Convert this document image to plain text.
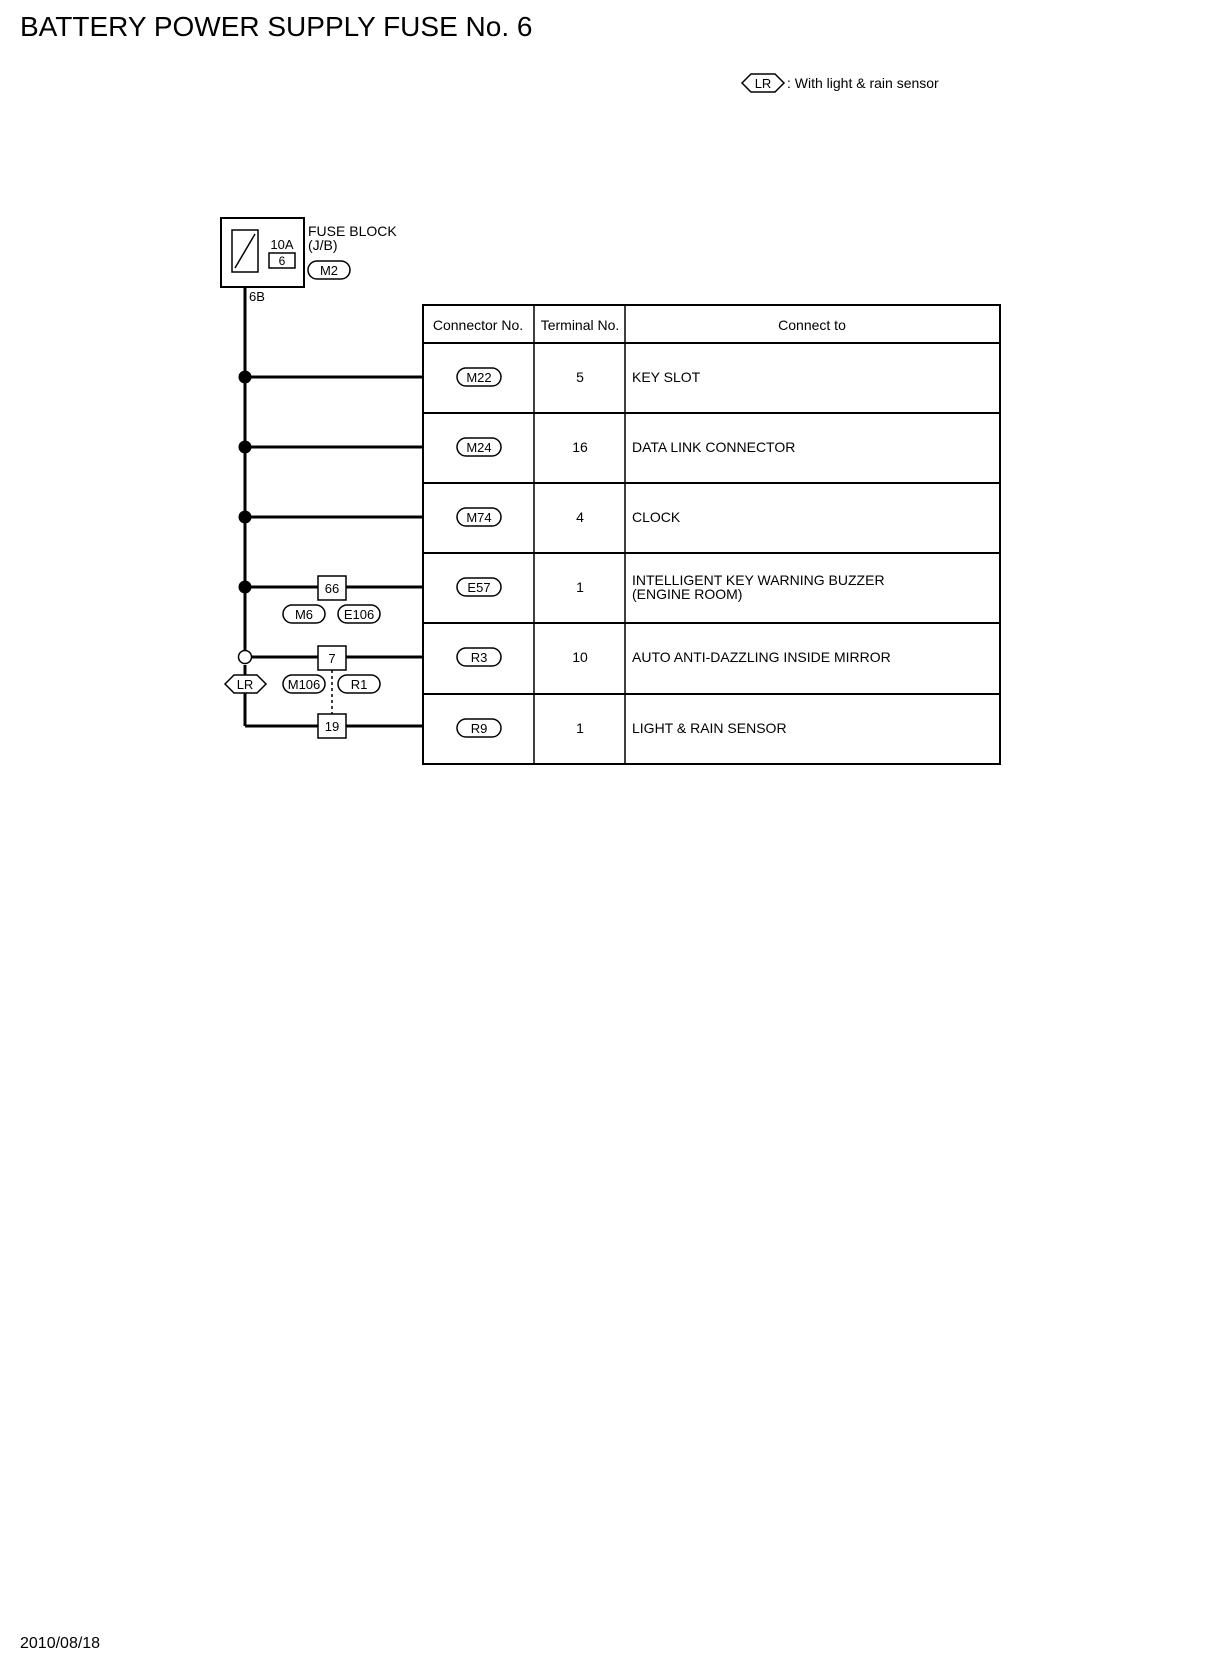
BATTERY POWER SUPPLY FUSE No. 6
LR : With light & rain sensor
10A
6
FUSE BLOCK
(J/B)
M2
6B
66
M6 E106
7
M106 R1
19
LR
Connector No. Terminal No.	Connect to
M22	5	KEY SLOT
M24	16	DATA LINK CONNECTOR
M74	4	CLOCK
E57	1	INTELLIGENT KEY WARNING BUZZER
(ENGINE ROOM)
R3	10	AUTO ANTI-DAZZLING INSIDE MIRROR
R9	1	LIGHT & RAIN SENSOR
2010/08/18
